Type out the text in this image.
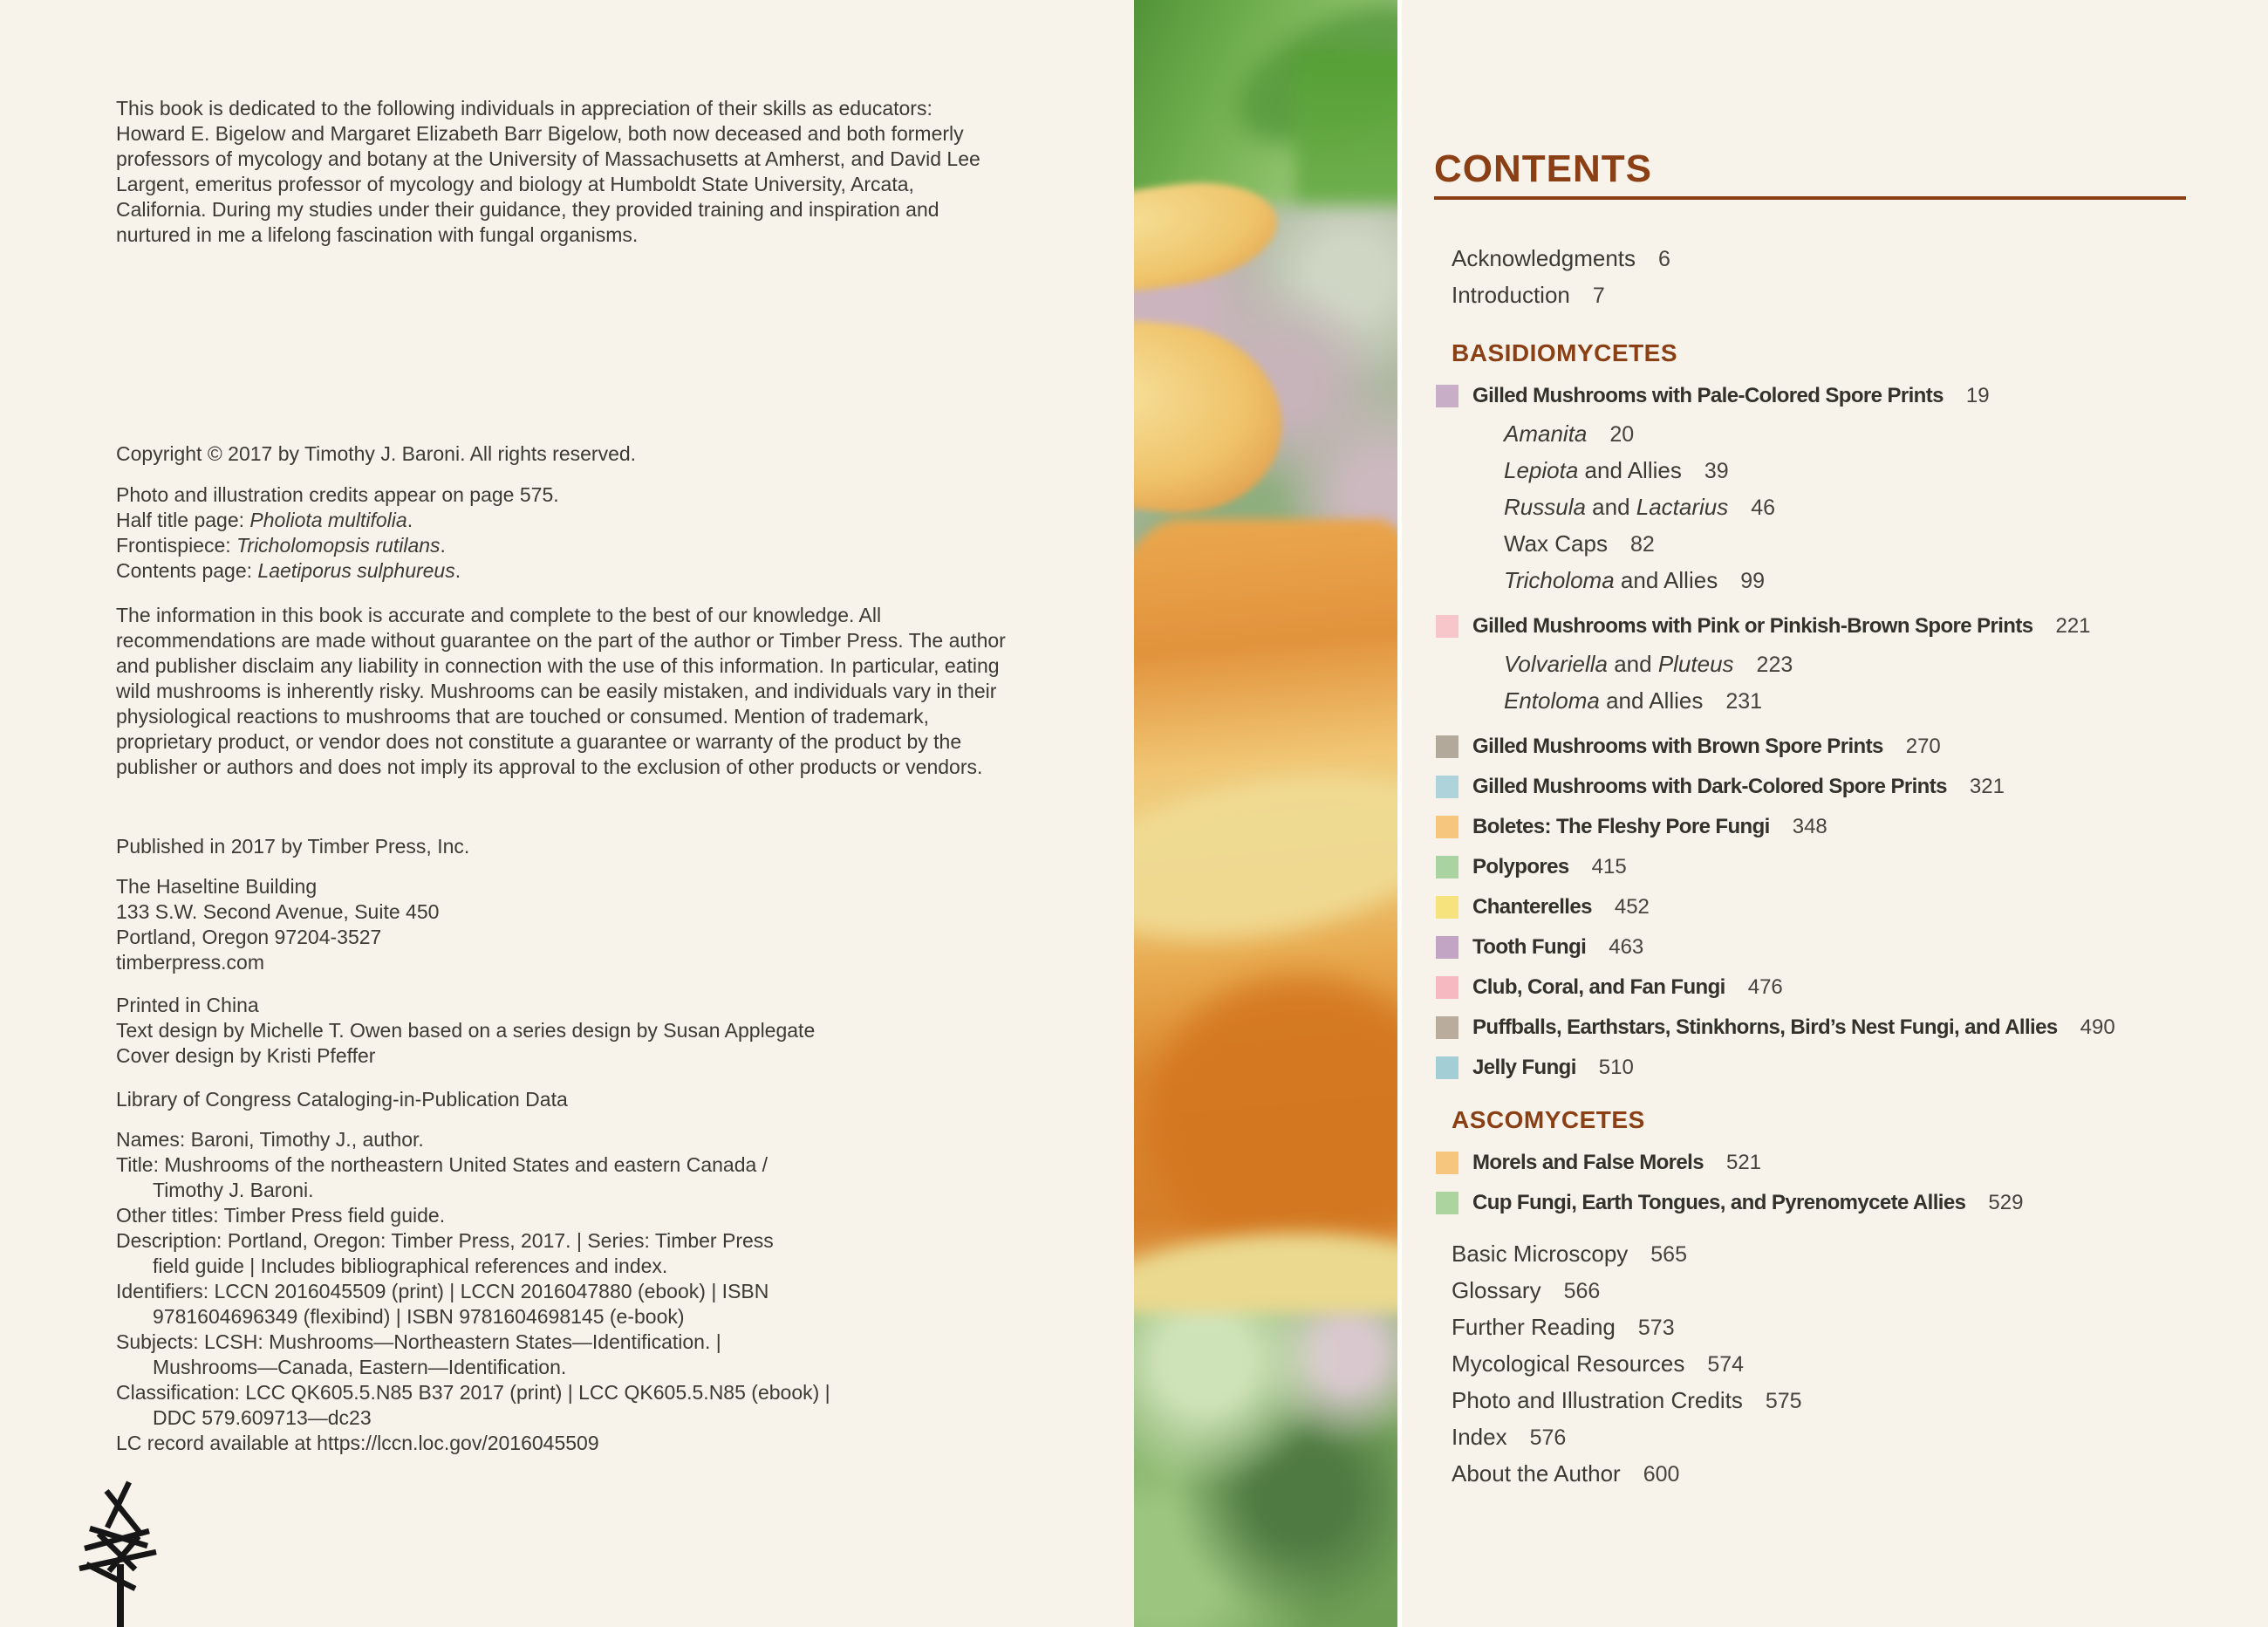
This book is dedicated to the following individuals in appreciation of their skills as educators: Howard E. Bigelow and Margaret Elizabeth Barr Bigelow, both now deceased and both formerly professors of mycology and botany at the University of Massachusetts at Amherst, and David Lee Largent, emeritus professor of mycology and biology at Humboldt State University, Arcata, California. During my studies under their guidance, they provided training and inspiration and nurtured in me a lifelong fascination with fungal organisms.

Copyright © 2017 by Timothy J. Baroni. All rights reserved.
Photo and illustration credits appear on page 575.
Half title page: Pholiota multifolia.
Frontispiece: Tricholomopsis rutilans.
Contents page: Laetiporus sulphureus.

The information in this book is accurate and complete to the best of our knowledge. All recommendations are made without guarantee on the part of the author or Timber Press. The author and publisher disclaim any liability in connection with the use of this information. In particular, eating wild mushrooms is inherently risky. Mushrooms can be easily mistaken, and individuals vary in their physiological reactions to mushrooms that are touched or consumed. Mention of trademark, proprietary product, or vendor does not constitute a guarantee or warranty of the product by the publisher or authors and does not imply its approval to the exclusion of other products or vendors.

Published in 2017 by Timber Press, Inc.
The Haseltine Building
133 S.W. Second Avenue, Suite 450
Portland, Oregon 97204-3527
timberpress.com
Printed in China
Text design by Michelle T. Owen based on a series design by Susan Applegate
Cover design by Kristi Pfeffer
Library of Congress Cataloging-in-Publication Data
Names: Baroni, Timothy J., author.
Title: Mushrooms of the northeastern United States and eastern Canada /
Timothy J. Baroni.
Other titles: Timber Press field guide.
Description: Portland, Oregon: Timber Press, 2017. | Series: Timber Press
field guide | Includes bibliographical references and index.
Identifiers: LCCN 2016045509 (print) | LCCN 2016047880 (ebook) | ISBN
9781604696349 (flexibind) | ISBN 9781604698145 (e-book)
Subjects: LCSH: Mushrooms—Northeastern States—Identification. |
Mushrooms—Canada, Eastern—Identification.
Classification: LCC QK605.5.N85 B37 2017 (print) | LCC QK605.5.N85 (ebook) |
DDC 579.609713—dc23
LC record available at https://lccn.loc.gov/2016045509
CONTENTS
Acknowledgments 6
Introduction 7
BASIDIOMYCETES
Gilled Mushrooms with Pale-Colored Spore Prints 19
Amanita 20
Lepiota and Allies 39
Russula and Lactarius 46
Wax Caps 82
Tricholoma and Allies 99
Gilled Mushrooms with Pink or Pinkish-Brown Spore Prints 221
Volvariella and Pluteus 223
Entoloma and Allies 231
Gilled Mushrooms with Brown Spore Prints 270
Gilled Mushrooms with Dark-Colored Spore Prints 321
Boletes: The Fleshy Pore Fungi 348
Polypores 415
Chanterelles 452
Tooth Fungi 463
Club, Coral, and Fan Fungi 476
Puffballs, Earthstars, Stinkhorns, Bird’s Nest Fungi, and Allies 490
Jelly Fungi 510
ASCOMYCETES
Morels and False Morels 521
Cup Fungi, Earth Tongues, and Pyrenomycete Allies 529
Basic Microscopy 565
Glossary 566
Further Reading 573
Mycological Resources 574
Photo and Illustration Credits 575
Index 576
About the Author 600
